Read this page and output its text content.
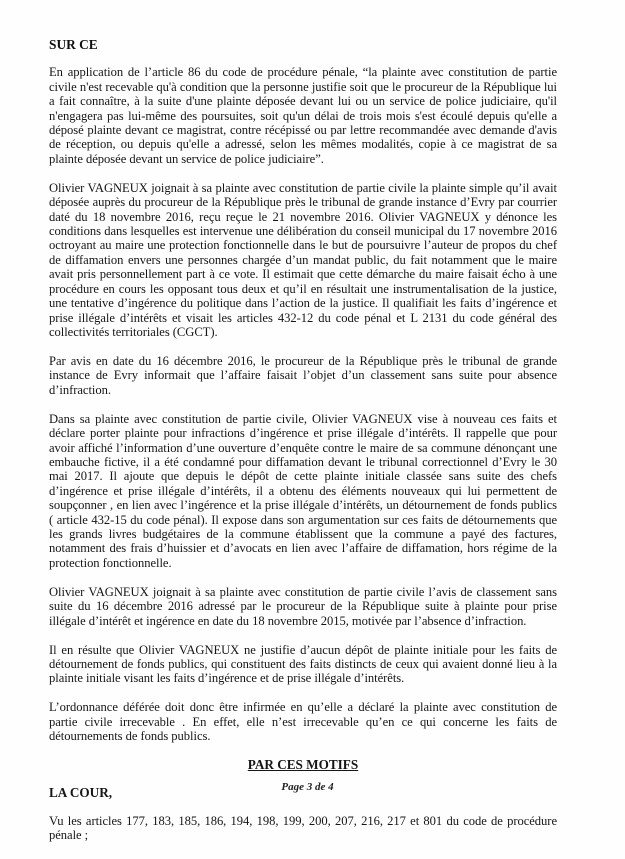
SUR CE

En application de l’article 86 du code de procédure pénale, “la plainte avec constitution de partie civile n'est recevable qu'à condition que la personne justifie soit que le procureur de la République lui a fait connaître, à la suite d'une plainte déposée devant lui ou un service de police judiciaire, qu'il n'engagera pas lui-même des poursuites, soit qu'un délai de trois mois s'est écoulé depuis qu'elle a déposé plainte devant ce magistrat, contre récépissé ou par lettre recommandée avec demande d'avis de réception, ou depuis qu'elle a adressé, selon les mêmes modalités, copie à ce magistrat de sa plainte déposée devant un service de police judiciaire”.

Olivier VAGNEUX joignait à sa plainte avec constitution de partie civile la plainte simple qu’il avait déposée auprès du procureur de la République près le tribunal de grande instance d’Evry par courrier daté du 18 novembre 2016, reçu reçue le 21 novembre 2016. Olivier VAGNEUX y dénonce les conditions dans lesquelles est intervenue une délibération du conseil municipal du 17 novembre 2016 octroyant au maire une protection fonctionnelle dans le but de poursuivre l’auteur de propos du chef de diffamation envers une personnes chargée d’un mandat public, du fait notamment que le maire avait pris personnellement part à ce vote. Il estimait que cette démarche du maire faisait écho à une procédure en cours les opposant tous deux et qu’il en résultait une instrumentalisation de la justice, une tentative d’ingérence du politique dans l’action de la justice. Il qualifiait les faits d’ingérence et prise illégale d’intérêts et visait les articles 432-12 du code pénal et L 2131 du code général des collectivités territoriales (CGCT).

Par avis en date du 16 décembre 2016, le procureur de la République près le tribunal de grande instance de Evry informait que l’affaire faisait l’objet d’un classement sans suite pour absence d’infraction.

Dans sa plainte avec constitution de partie civile, Olivier VAGNEUX vise à nouveau ces faits et déclare porter plainte pour infractions d’ingérence et prise illégale d’intérêts. Il rappelle que pour avoir affiché l’information d’une ouverture d’enquête contre le maire de sa commune dénonçant une embauche fictive, il a été condamné pour diffamation devant le tribunal correctionnel d’Evry le 30 mai 2017. Il ajoute que depuis le dépôt de cette plainte initiale classée sans suite des chefs d’ingérence et prise illégale d’intérêts, il a obtenu des éléments nouveaux qui lui permettent de soupçonner , en lien avec l’ingérence et la prise illégale d’intérêts, un détournement de fonds publics ( article 432-15 du code pénal). Il expose dans son argumentation sur ces faits de détournements que les grands livres budgétaires de la commune établissent que la commune a payé des factures, notamment des frais d’huissier et d’avocats en lien avec l’affaire de diffamation, hors régime de la protection fonctionnelle.

Olivier VAGNEUX joignait à sa plainte avec constitution de partie civile l’avis de classement sans suite du 16 décembre 2016 adressé par le procureur de la République suite à plainte pour prise illégale d’intérêt et ingérence en date du 18 novembre 2015, motivée par l’absence d’infraction.

Il en résulte que Olivier VAGNEUX ne justifie d’aucun dépôt de plainte initiale pour les faits de détournement de fonds publics, qui constituent des faits distincts de ceux qui avaient donné lieu à la plainte initiale visant les faits d’ingérence et de prise illégale d’intérêts.

L’ordonnance déférée doit donc être infirmée en qu’elle a déclaré la plainte avec constitution de partie civile irrecevable . En effet, elle n’est irrecevable qu’en ce qui concerne les faits de détournements de fonds publics.

PAR CES MOTIFS
LA COUR,

Vu les articles 177, 183, 185, 186, 194, 198, 199, 200, 207, 216, 217 et 801 du code de procédure pénale ;

Page 3 de 4
